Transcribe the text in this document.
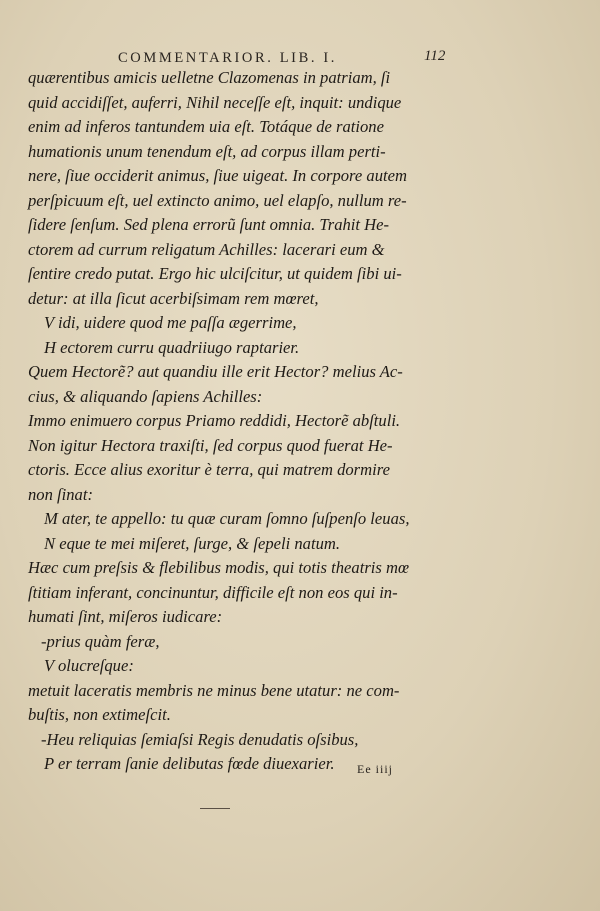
COMMENTARIOR. LIB. I.	112
quærentibus amicis uelletne Clazomenas in patriam, ſi
quid accidiſſet, auferri, Nihil neceſſe eſt, inquit: undique
enim ad inferos tantundem uia eſt. Totáque de ratione
humationis unum tenendum eſt, ad corpus illam perti-
nere, ſiue occiderit animus, ſiue uigeat. In corpore autem
perſpicuum eſt, uel extincto animo, uel elapſo, nullum re-
ſidere ſenſum. Sed plena errorũ ſunt omnia. Trahit He-
ctorem ad currum religatum Achilles: lacerari eum &
ſentire credo putat. Ergo hic ulciſcitur, ut quidem ſibi ui-
detur: at illa ſicut acerbiſsimam rem mœret,
V idi, uidere quod me paſſa ægerrime,
H ectorem curru quadriiugo raptarier.
Quem Hectorẽ? aut quandiu ille erit Hector? melius Ac-
cius, & aliquando ſapiens Achilles:
Immo enimuero corpus Priamo reddidi, Hectorẽ abſtuli.
Non igitur Hectora traxiſti, ſed corpus quod fuerat He-
ctoris. Ecce alius exoritur è terra, qui matrem dormire
non ſinat:
M ater, te appello: tu quæ curam ſomno ſuſpenſo leuas,
N eque te mei miſeret, ſurge, & ſepeli natum.
Hæc cum preſsis & flebilibus modis, qui totis theatris mœ
ſtitiam inferant, concinuntur, difficile eſt non eos qui in-
humati ſint, miſeros iudicare:
-prius quàm feræ,
V olucreſque:
metuit laceratis membris ne minus bene utatur: ne com-
buſtis, non extimeſcit.
-Heu reliquias ſemiaſsi Regis denudatis oſsibus,
P er terram ſanie delibutas fœde diuexarier.	Ee iiij
